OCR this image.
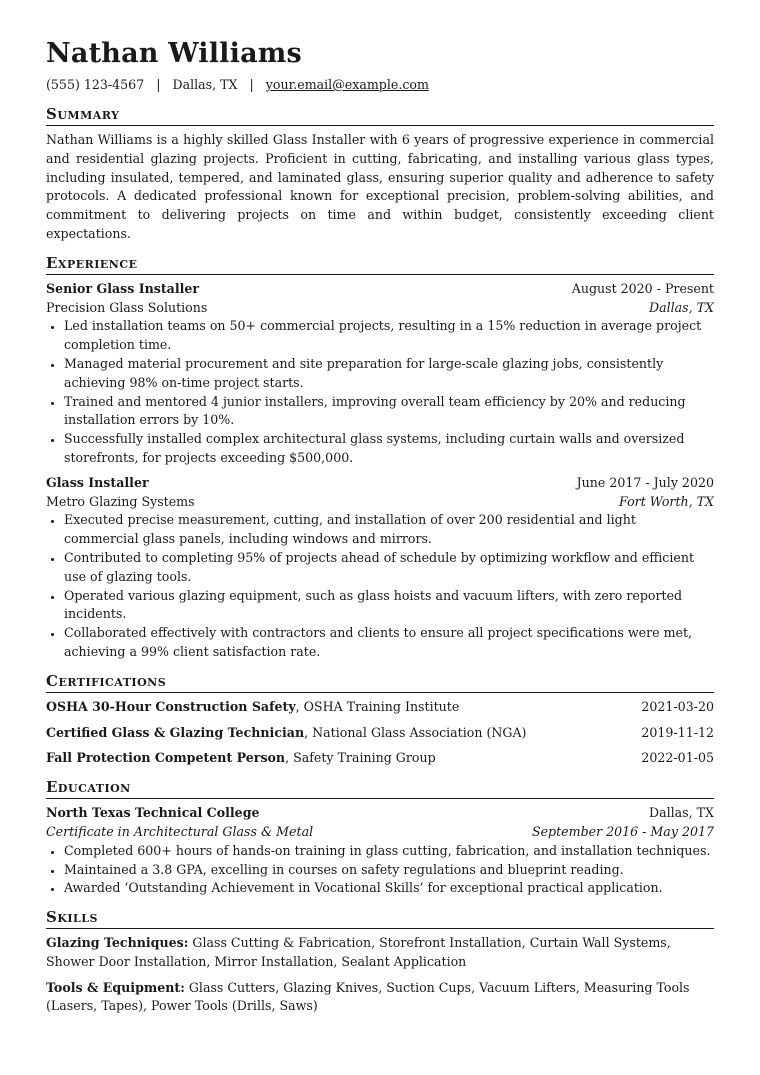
Nathan Williams
(555) 123-4567 | Dallas, TX | your.email@example.com
Summary

Nathan Williams is a highly skilled Glass Installer with 6 years of progressive experience in commercial and residential glazing projects. Proficient in cutting, fabricating, and installing various glass types, including insulated, tempered, and laminated glass, ensuring superior quality and adherence to safety protocols. A dedicated professional known for exceptional precision, problem-solving abilities, and commitment to delivering projects on time and within budget, consistently exceeding client expectations.

Experience
Senior Glass Installer	August 2020 - Present
Precision Glass Solutions	Dallas, TX
• Led installation teams on 50+ commercial projects, resulting in a 15% reduction in average project completion time.
• Managed material procurement and site preparation for large-scale glazing jobs, consistently achieving 98% on-time project starts.
• Trained and mentored 4 junior installers, improving overall team efficiency by 20% and reducing installation errors by 10%.
• Successfully installed complex architectural glass systems, including curtain walls and oversized storefronts, for projects exceeding $500,000.
Glass Installer	June 2017 - July 2020
Metro Glazing Systems	Fort Worth, TX
• Executed precise measurement, cutting, and installation of over 200 residential and light commercial glass panels, including windows and mirrors.
• Contributed to completing 95% of projects ahead of schedule by optimizing workflow and efficient use of glazing tools.
• Operated various glazing equipment, such as glass hoists and vacuum lifters, with zero reported incidents.
• Collaborated effectively with contractors and clients to ensure all project specifications were met, achieving a 99% client satisfaction rate.
Certifications
OSHA 30-Hour Construction Safety, OSHA Training Institute	2021-03-20
Certified Glass & Glazing Technician, National Glass Association (NGA)	2019-11-12
Fall Protection Competent Person, Safety Training Group	2022-01-05
Education
North Texas Technical College	Dallas, TX
Certificate in Architectural Glass & Metal	September 2016 - May 2017
• Completed 600+ hours of hands-on training in glass cutting, fabrication, and installation techniques.
• Maintained a 3.8 GPA, excelling in courses on safety regulations and blueprint reading.
• Awarded ‘Outstanding Achievement in Vocational Skills’ for exceptional practical application.
Skills
Glazing Techniques: Glass Cutting & Fabrication, Storefront Installation, Curtain Wall Systems, Shower Door Installation, Mirror Installation, Sealant Application
Tools & Equipment: Glass Cutters, Glazing Knives, Suction Cups, Vacuum Lifters, Measuring Tools (Lasers, Tapes), Power Tools (Drills, Saws)
